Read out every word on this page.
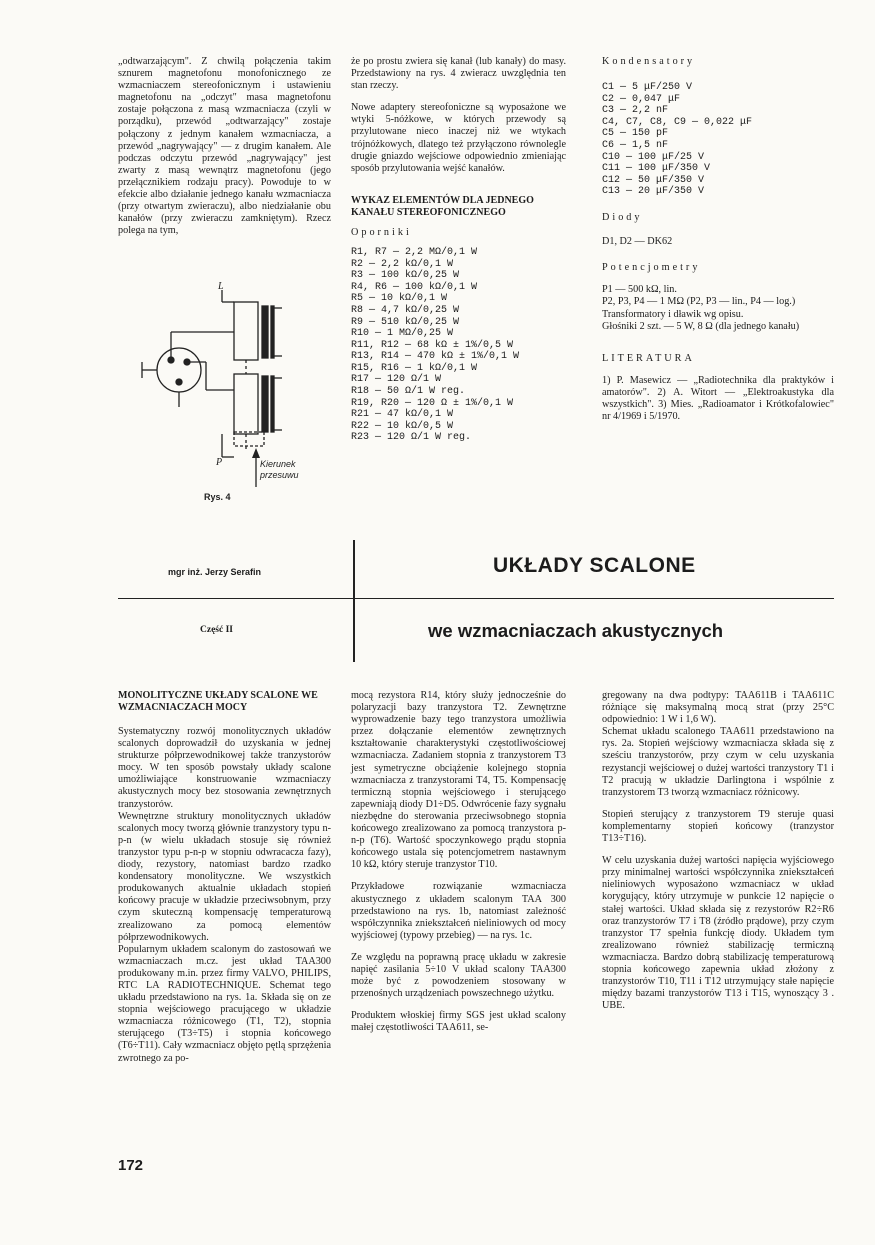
„odtwarzającym". Z chwilą połączenia takim sznurem magnetofonu monofonicznego ze wzmacniaczem stereofonicznym i ustawieniu magnetofonu na „odczyt" masa magnetofonu zostaje połączona z masą wzmacniacza (czyli w porządku), przewód „odtwarzający" zostaje połączony z jednym kanałem wzmacniacza, a przewód „nagrywający" — z drugim kanałem. Ale podczas odczytu przewód „nagrywający" jest zwarty z masą wewnątrz magnetofonu (jego przełącznikiem rodzaju pracy). Powoduje to w efekcie albo działanie jednego kanału wzmacniacza (przy otwartym zwieraczu), albo niedziałanie obu kanałów (przy zwieraczu zamkniętym). Rzecz polega na tym,

L
P	Kierunek
przesuwu
Rys. 4

że po prostu zwiera się kanał (lub kanały) do masy. Przedstawiony na rys. 4 zwieracz uwzględnia ten stan rzeczy.

Nowe adaptery stereofoniczne są wyposażone we wtyki 5-nóżkowe, w których przewody są przylutowane nieco inaczej niż we wtykach trójnóżkowych, dlatego też przyłączono równolegle drugie gniazdo wejściowe odpowiednio zmieniając sposób przylutowania wejść kanałów.

WYKAZ ELEMENTÓW DLA JEDNEGO KANAŁU STEREOFONICZNEGO

Oporniki

R1, R7 — 2,2 MΩ/0,1 W
R2 — 2,2 kΩ/0,1 W
R3 — 100 kΩ/0,25 W
R4, R6 — 100 kΩ/0,1 W
R5 — 10 kΩ/0,1 W
R8 — 4,7 kΩ/0,25 W
R9 — 510 kΩ/0,25 W
R10 — 1 MΩ/0,25 W
R11, R12 — 68 kΩ ± 1%/0,5 W
R13, R14 — 470 kΩ ± 1%/0,1 W
R15, R16 — 1 kΩ/0,1 W
R17 — 120 Ω/1 W
R18 — 50 Ω/1 W reg.
R19, R20 — 120 Ω ± 1%/0,1 W
R21 — 47 kΩ/0,1 W
R22 — 10 kΩ/0,5 W
R23 — 120 Ω/1 W reg.

Kondensatory

C1 — 5 μF/250 V
C2 — 0,047 μF
C3 — 2,2 nF
C4, C7, C8, C9 — 0,022 μF
C5 — 150 pF
C6 — 1,5 nF
C10 — 100 μF/25 V
C11 — 100 μF/350 V
C12 — 50 μF/350 V
C13 — 20 μF/350 V

Diody

D1, D2 — DK62

Potencjometry

P1 — 500 kΩ, lin.

P2, P3, P4 — 1 MΩ (P2, P3 — lin., P4 — log.)

Transformatory i dławik wg opisu.

Głośniki 2 szt. — 5 W, 8 Ω (dla jednego kanału)

LITERATURA

1) P. Masewicz — „Radiotechnika dla praktyków i amatorów". 2) A. Witort — „Elektroakustyka dla wszystkich". 3) Mies. „Radioamator i Krótkofalowiec" nr 4/1969 i 5/1970.

mgr inż. Jerzy Serafin
Część II
UKŁADY SCALONE
we wzmacniaczach akustycznych

MONOLITYCZNE UKŁADY SCALONE WE WZMACNIACZACH MOCY

Systematyczny rozwój monolitycznych układów scalonych doprowadził do uzyskania w jednej strukturze półprzewodnikowej także tranzystorów mocy. W ten sposób powstały układy scalone umożliwiające konstruowanie wzmacniaczy akustycznych mocy bez stosowania zewnętrznych tranzystorów.

Wewnętrzne struktury monolitycznych układów scalonych mocy tworzą głównie tranzystory typu n-p-n (w wielu układach stosuje się również tranzystor typu p-n-p w stopniu odwracacza fazy), diody, rezystory, natomiast bardzo rzadko kondensatory monolityczne. We wszystkich produkowanych aktualnie układach stopień końcowy pracuje w układzie przeciwsobnym, przy czym skuteczną kompensację temperaturową zrealizowano za pomocą elementów półprzewodnikowych.

Popularnym układem scalonym do zastosowań we wzmacniaczach m.cz. jest układ TAA300 produkowany m.in. przez firmy VALVO, PHILIPS, RTC LA RADIOTECHNIQUE. Schemat tego układu przedstawiono na rys. 1a. Składa się on ze stopnia wejściowego pracującego w układzie wzmacniacza różnicowego (T1, T2), stopnia sterującego (T3÷T5) i stopnia końcowego (T6÷T11). Cały wzmacniacz objęto pętlą sprzężenia zwrotnego za po-

mocą rezystora R14, który służy jednocześnie do polaryzacji bazy tranzystora T2. Zewnętrzne wyprowadzenie bazy tego tranzystora umożliwia przez dołączanie elementów zewnętrznych kształtowanie charakterystyki częstotliwościowej wzmacniacza. Zadaniem stopnia z tranzystorem T3 jest symetryczne obciążenie kolejnego stopnia wzmacniacza z tranzystorami T4, T5. Kompensację termiczną stopnia wejściowego i sterującego zapewniają diody D1÷D5. Odwrócenie fazy sygnału niezbędne do sterowania przeciwsobnego stopnia końcowego zrealizowano za pomocą tranzystora p-n-p (T6). Wartość spoczynkowego prądu stopnia końcowego ustala się potencjometrem nastawnym 10 kΩ, który steruje tranzystor T10.

Przykładowe rozwiązanie wzmacniacza akustycznego z układem scalonym TAA 300 przedstawiono na rys. 1b, natomiast zależność współczynnika zniekształceń nieliniowych od mocy wyjściowej (typowy przebieg) — na rys. 1c.

Ze względu na poprawną pracę układu w zakresie napięć zasilania 5÷10 V układ scalony TAA300 może być z powodzeniem stosowany w przenośnych urządzeniach powszechnego użytku.

Produktem włoskiej firmy SGS jest układ scalony małej częstotliwości TAA611, se-

gregowany na dwa podtypy: TAA611B i TAA611C różniące się maksymalną mocą strat (przy 25°C odpowiednio: 1 W i 1,6 W).

Schemat układu scalonego TAA611 przedstawiono na rys. 2a. Stopień wejściowy wzmacniacza składa się z sześciu tranzystorów, przy czym w celu uzyskania rezystancji wejściowej o dużej wartości tranzystory T1 i T2 pracują w układzie Darlingtona i wspólnie z tranzystorem T3 tworzą wzmacniacz różnicowy.

Stopień sterujący z tranzystorem T9 steruje quasi komplementarny stopień końcowy (tranzystor T13÷T16).

W celu uzyskania dużej wartości napięcia wyjściowego przy minimalnej wartości współczynnika zniekształceń nieliniowych wyposażono wzmacniacz w układ korygujący, który utrzymuje w punkcie 12 napięcie o stałej wartości. Układ składa się z rezystorów R2÷R6 oraz tranzystorów T7 i T8 (źródło prądowe), przy czym tranzystor T7 spełnia funkcję diody. Układem tym zrealizowano również stabilizację termiczną wzmacniacza. Bardzo dobrą stabilizację temperaturową stopnia końcowego zapewnia układ złożony z tranzystorów T10, T11 i T12 utrzymujący stałe napięcie między bazami tranzystorów T13 i T15, wynoszący 3 . UBE.

172
